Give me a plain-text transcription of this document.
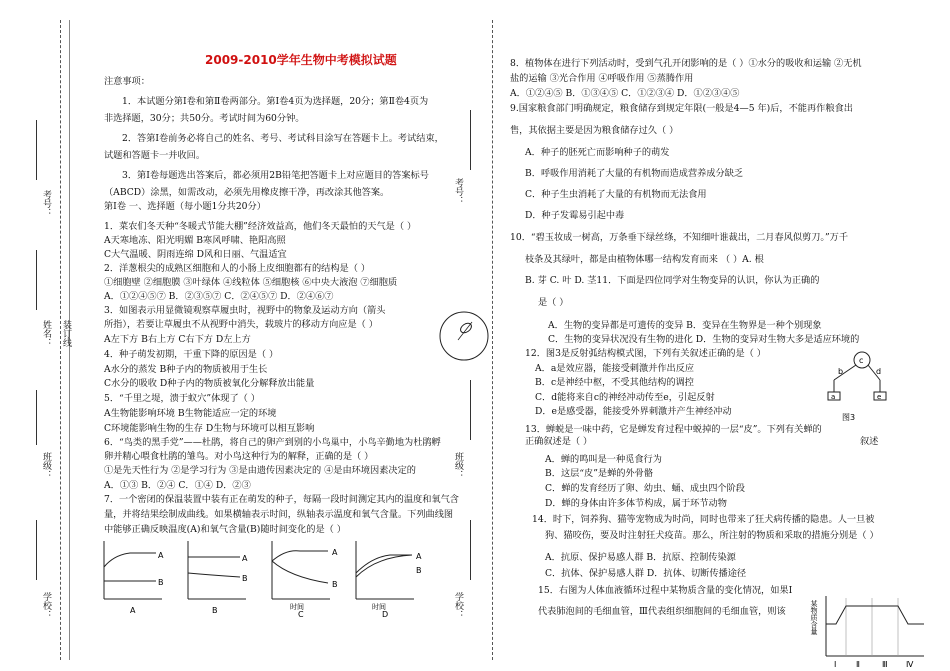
考号：
姓名： 装订线
班级：
学校：
考号：
班级：
学校：
2009-2010学年生物中考模拟试题
注意事项：
1．本试题分第Ⅰ卷和第Ⅱ卷两部分。第Ⅰ卷4页为选择题，20分；第Ⅱ卷4页为
非选择题，30分；共50分。考试时间为60分钟。
2．答第Ⅰ卷前务必将自己的姓名、考号、考试科目涂写在答题卡上。考试结束，
试题和答题卡一并收回。
3．第Ⅰ卷每题选出答案后，都必须用2B铅笔把答题卡上对应题目的答案标号
（ABCD）涂黑，如需改动，必须先用橡皮擦干净，再改涂其他答案。
第Ⅰ卷 一、选择题（每小题1分共20分）
1．菜农们冬天种“冬暖式节能大棚”经济效益高，他们冬天最怕的天气是（ ）
A天寒地冻、阳光明媚 B寒风呼啸、艳阳高照
C大气温暖、阴雨连绵 D风和日丽、气温适宜
2．洋葱根尖的成熟区细胞和人的小肠上皮细胞都有的结构是（ ）
①细胞壁 ②细胞膜 ③叶绿体 ④线粒体 ⑤细胞核 ⑥中央大液泡 ⑦细胞质
A．①②④⑤⑦ B．②③⑤⑦ C．②④⑤⑦ D．②④⑥⑦
3．如图表示用显微镜观察草履虫时，视野中的物象及运动方向（箭头
所指），若要让草履虫不从视野中消失，载玻片的移动方向应是（ ）
A左下方 B右上方 C右下方 D左上方
4．种子萌发初期，干重下降的原因是（ ）
A水分的蒸发 B种子内的物质被用于生长
C水分的吸收 D种子内的物质被氧化分解释放出能量
5．“千里之堤，溃于蚁穴”体现了（ ）
A生物能影响环境 B生物能适应一定的环境
C环境能影响生物的生存 D生物与环境可以相互影响
6．“鸟类的黑手党”——杜鹃，将自己的卵产到别的小鸟巢中，小鸟辛勤地为杜鹃孵
卵并精心喂食杜鹃的雏鸟。对小鸟这种行为的解释，正确的是（ ）
①是先天性行为 ②是学习行为 ③是由遗传因素决定的 ④是由环境因素决定的
A．①③ B．②④ C．①④ D．②③
7．一个密闭的保温装置中装有正在萌发的种子，每隔一段时间测定其内的温度和氧气含
量，并将结果绘制成曲线。如果横轴表示时间，纵轴表示温度和氧气含量。下列曲线图
中能够正确反映温度(A)和氧气含量(B)随时间变化的是（ ）
A
B
A
A
B
B
A
B
时间
C
A
B
时间
D
8．植物体在进行下列活动时，受到气孔开闭影响的是（ ）①水分的吸收和运输 ②无机
盐的运输 ③光合作用 ④呼吸作用 ⑤蒸腾作用
A．①②④⑤ B．①③④⑤ C．①②③④ D．①②③④⑤
9.国家粮食部门明确规定，粮食储存到规定年限(一般是4—5 年)后，不能再作粮食出
售，其依据主要是因为粮食储存过久（ ）
A．种子的胚死亡而影响种子的萌发
B．呼吸作用消耗了大量的有机物而造成营养成分缺乏
C．种子生虫消耗了大量的有机物而无法食用
D．种子发霉易引起中毒
10．“碧玉妆成一树高，万条垂下绿丝绦，不知细叶谁裁出，二月春风似剪刀。”万千
枝条及其绿叶，都是由植物体哪一结构发育而来 （ ）A. 根
B. 芽 C. 叶 D. 茎11．下面是四位同学对生物变异的认识，你认为正确的
是（ ）
A．生物的变异都是可遗传的变异 B．变异在生物界是一种个别现象
C．生物的变异状况没有生物的进化 D．生物的变异对生物大多是适应环境的
12．图3是反射弧结构模式图，下列有关叙述正确的是（ ）
A．a是效应器，能接受刺激并作出反应
B．c是神经中枢，不受其他结构的调控
C．d能将来自c的神经冲动传至e，引起反射
D．e是感受器，能接受外界刺激并产生神经冲动
13．蝉蜕是一味中药，它是蝉发育过程中蜕掉的一层“皮”。下列有关蝉的正确叙述是（ ）	叙述
A．蝉的鸣叫是一种觅食行为
B．这层“皮”是蝉的外骨骼
C．蝉的发育经历了卵、幼虫、蛹、成虫四个阶段
D．蝉的身体由许多体节构成，属于环节动物
14．时下，饲养狗、猫等宠物成为时尚，同时也带来了狂犬病传播的隐患。人一旦被
狗、猫咬伤，要及时注射狂犬疫苗。那么，所注射的物质和采取的措施分别是（ ）
A．抗原、保护易感人群 B．抗原、控制传染源
C．抗体、保护易感人群 D．抗体、切断传播途径
15．右图为人体血液循环过程中某物质含量的变化情况，如果Ⅰ
代表肺泡间的毛细血管，Ⅲ代表组织细胞间的毛细血管，则该
c
b	d
a	e
图3
某物质含量
Ⅰ Ⅱ	Ⅲ Ⅳ
